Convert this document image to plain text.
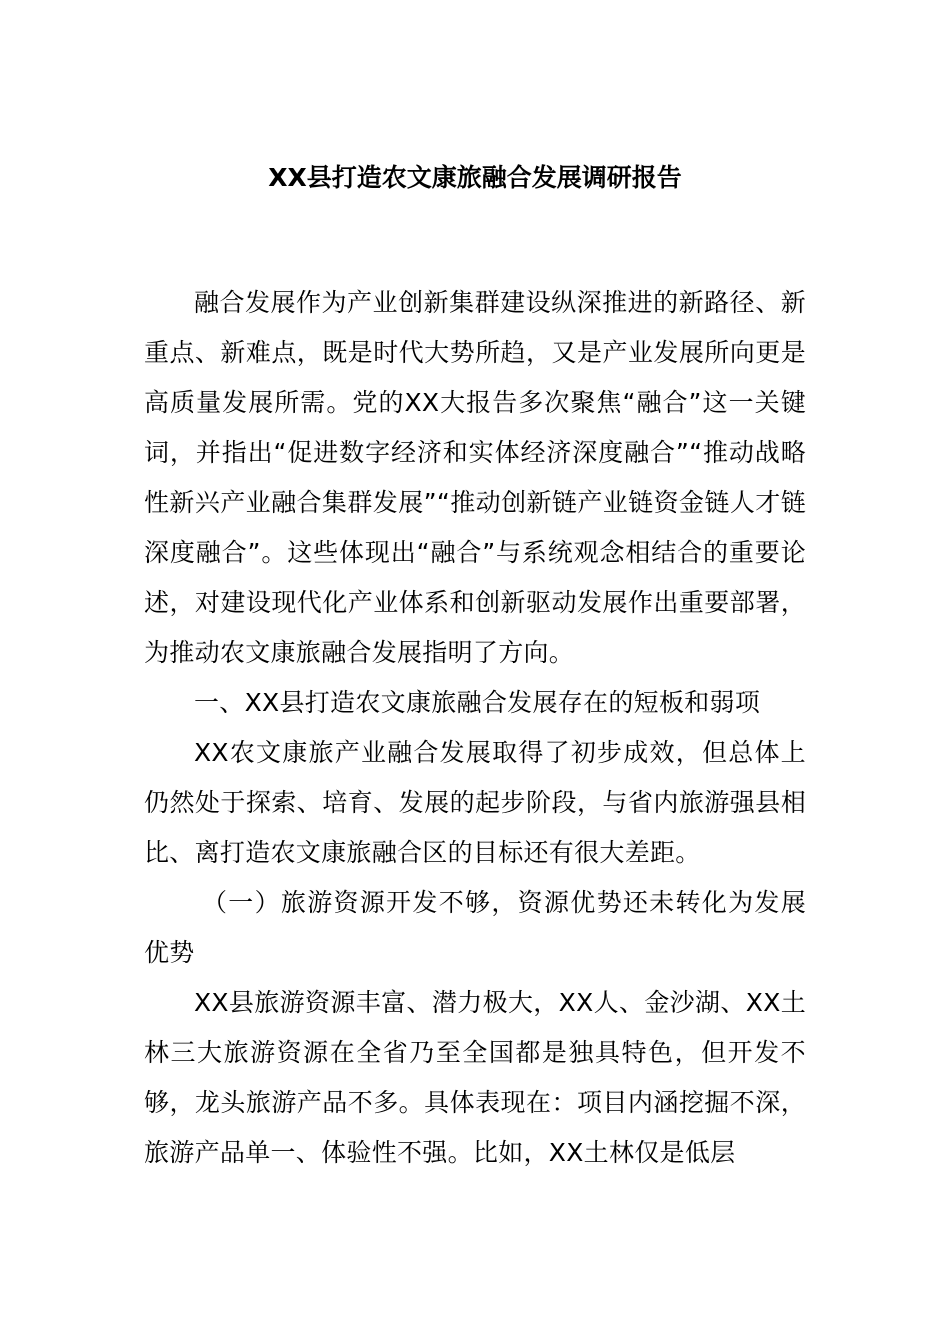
XX县打造农文康旅融合发展调研报告

融合发展作为产业创新集群建设纵深推进的新路径、新重点、新难点，既是时代大势所趋，又是产业发展所向更是高质量发展所需。党的XX大报告多次聚焦“融合”这一关键词，并指出“促进数字经济和实体经济深度融合”“推动战略性新兴产业融合集群发展”“推动创新链产业链资金链人才链深度融合”。这些体现出“融合”与系统观念相结合的重要论述，对建设现代化产业体系和创新驱动发展作出重要部署，为推动农文康旅融合发展指明了方向。

一、XX县打造农文康旅融合发展存在的短板和弱项

XX农文康旅产业融合发展取得了初步成效，但总体上仍然处于探索、培育、发展的起步阶段，与省内旅游强县相比、离打造农文康旅融合区的目标还有很大差距。

（一）旅游资源开发不够，资源优势还未转化为发展优势

XX县旅游资源丰富、潜力极大，XX人、金沙湖、XX土林三大旅游资源在全省乃至全国都是独具特色，但开发不够，龙头旅游产品不多。具体表现在：项目内涵挖掘不深，旅游产品单一、体验性不强。比如，XX土林仅是低层
